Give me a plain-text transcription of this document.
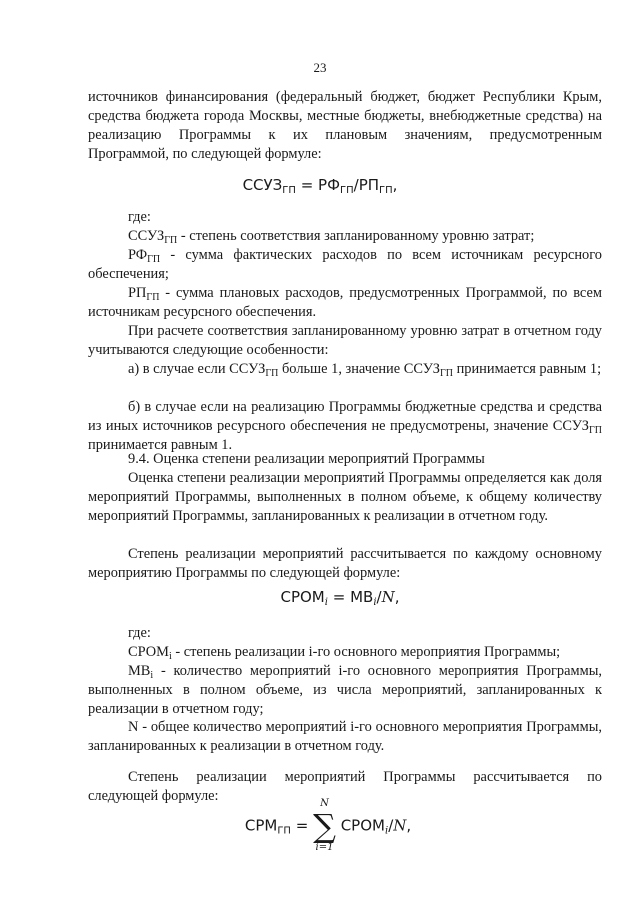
23

источников финансирования (федеральный бюджет, бюджет Республики Крым, средства бюджета города Москвы, местные бюджеты, внебюджетные средства) на реализацию Программы к их плановым значениям, предусмотренным Программой, по следующей формуле:

$ССУЗ_{ГП} = РФ_{ГП}/РП_{ГП}$,

где:

$ССУЗ_{ГП}$ - степень соответствия запланированному уровню затрат;

$РФ_{ГП}$ - сумма фактических расходов по всем источникам ресурсного обеспечения;

$РП_{ГП}$ - сумма плановых расходов, предусмотренных Программой, по всем источникам ресурсного обеспечения.

При расчете соответствия запланированному уровню затрат в отчетном году учитываются следующие особенности:

а) в случае если $ССУЗ_{ГП}$ больше 1, значение $ССУЗ_{ГП}$ принимается равным 1;

б) в случае если на реализацию Программы бюджетные средства и средства из иных источников ресурсного обеспечения не предусмотрены, значение $ССУЗ_{ГП}$ принимается равным 1.

9.4. Оценка степени реализации мероприятий Программы

Оценка степени реализации мероприятий Программы определяется как доля мероприятий Программы, выполненных в полном объеме, к общему количеству мероприятий Программы, запланированных к реализации в отчетном году.

Степень реализации мероприятий рассчитывается по каждому основному мероприятию Программы по следующей формуле:

$СРОМ_i = МВ_i/N$,

где:

$СРОМ_i$ - степень реализации i-го основного мероприятия Программы;

$МВ_i$ - количество мероприятий i-го основного мероприятия Программы, выполненных в полном объеме, из числа мероприятий, запланированных к реализации в отчетном году;

N - общее количество мероприятий i-го основного мероприятия Программы, запланированных к реализации в отчетном году.

Степень реализации мероприятий Программы рассчитывается по следующей формуле:

$СРМ_{ГП}$ =
N
∑
i=1
$СРОМ_i/N$,
